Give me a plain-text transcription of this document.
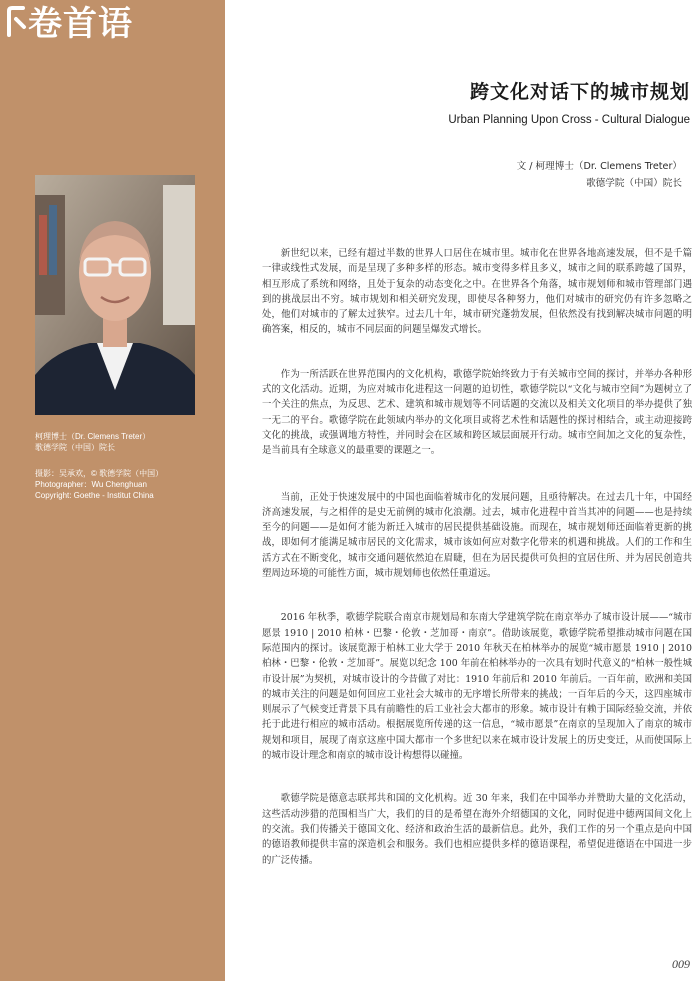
卷首语
柯理博士（Dr. Clemens Treter）
歌德学院（中国）院长
摄影：吴承欢，© 歌德学院（中国）
Photographer：Wu Chenghuan
Copyright: Goethe - Institut China
跨文化对话下的城市规划
Urban Planning Upon Cross - Cultural Dialogue
文 / 柯理博士（Dr. Clemens Treter）
歌德学院（中国）院长

新世纪以来，已经有超过半数的世界人口居住在城市里。城市化在世界各地高速发展，但不是千篇一律或线性式发展，而是呈现了多种多样的形态。城市变得多样且多义，城市之间的联系跨越了国界，相互形成了系统和网络，且处于复杂的动态变化之中。在世界各个角落，城市规划师和城市管理部门遇到的挑战层出不穷。城市规划和相关研究发现，即使尽各种努力，他们对城市的研究仍有许多忽略之处，他们对城市的了解太过狭窄。过去几十年，城市研究蓬勃发展，但依然没有找到解决城市问题的明确答案，相反的，城市不同层面的问题呈爆发式增长。

作为一所活跃在世界范围内的文化机构，歌德学院始终致力于有关城市空间的探讨，并举办各种形式的文化活动。近期，为应对城市化进程这一问题的迫切性，歌德学院以“文化与城市空间”为题树立了一个关注的焦点，为反思、艺术、建筑和城市规划等不同话题的交流以及相关文化项目的举办提供了独一无二的平台。歌德学院在此领域内举办的文化项目或将艺术性和话题性的探讨相结合，或主动迎接跨文化的挑战，或强调地方特性，并同时会在区域和跨区域层面展开行动。城市空间加之文化的复杂性，是当前具有全球意义的最重要的课题之一。

当前，正处于快速发展中的中国也面临着城市化的发展问题，且亟待解决。在过去几十年，中国经济高速发展，与之相伴的是史无前例的城市化浪潮。过去，城市化进程中首当其冲的问题——也是持续至今的问题——是如何才能为新迁入城市的居民提供基础设施。而现在，城市规划师还面临着更新的挑战，即如何才能满足城市居民的文化需求，城市该如何应对数字化带来的机遇和挑战。人们的工作和生活方式在不断变化，城市交通问题依然迫在眉睫，但在为居民提供可负担的宜居住所、并为居民创造共塑周边环境的可能性方面，城市规划师也依然任重道远。

2016 年秋季，歌德学院联合南京市规划局和东南大学建筑学院在南京举办了城市设计展——“城市愿景 1910 | 2010 柏林・巴黎・伦敦・芝加哥・南京”。借助该展览，歌德学院希望推动城市问题在国际范围内的探讨。该展览源于柏林工业大学于 2010 年秋天在柏林举办的展览“城市愿景 1910 | 2010 柏林・巴黎・伦敦・芝加哥”。展览以纪念 100 年前在柏林举办的一次具有划时代意义的“柏林一般性城市设计展”为契机，对城市设计的今昔做了对比：1910 年前后和 2010 年前后。一百年前，欧洲和美国的城市关注的问题是如何回应工业社会大城市的无序增长所带来的挑战；一百年后的今天，这四座城市则展示了气候变迁背景下具有前瞻性的后工业社会大都市的形象。城市设计有赖于国际经验交流，并依托于此进行相应的城市活动。根据展览所传递的这一信息，“城市愿景”在南京的呈现加入了南京的城市规划和项目，展现了南京这座中国大都市一个多世纪以来在城市设计发展上的历史变迁，从而使国际上的城市设计理念和南京的城市设计构想得以碰撞。

歌德学院是德意志联邦共和国的文化机构。近 30 年来，我们在中国举办并赞助大量的文化活动，这些活动涉猎的范围相当广大，我们的目的是希望在海外介绍德国的文化，同时促进中德两国间文化上的交流。我们传播关于德国文化、经济和政治生活的最新信息。此外，我们工作的另一个重点是向中国的德语教师提供丰富的深造机会和服务。我们也相应提供多样的德语课程，希望促进德语在中国进一步的广泛传播。

009
